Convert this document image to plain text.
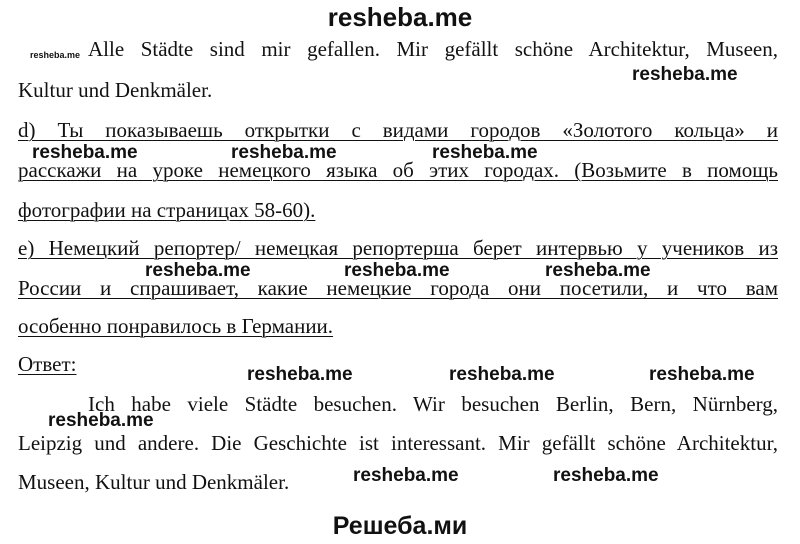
resheba.me
resheba.me Alle Städte sind mir gefallen. Mir gefällt schöne Architektur, Museen,
resheba.me
Kultur und Denkmäler.
d) Ты показываешь открытки с видами городов «Золотого кольца» и
resheba.me	resheba.me	resheba.me
расскажи на уроке немецкого языка об этих городах. (Возьмите в помощь
фотографии на страницах 58-60).
e) Немецкий репортер/ немецкая репортерша берет интервью у учеников из
resheba.me	resheba.me	resheba.me
России и спрашивает, какие немецкие города они посетили, и что вам
особенно понравилось в Германии.
Ответ:	resheba.me	resheba.me	resheba.me
Ich habe viele Städte besuchen. Wir besuchen Berlin, Bern, Nürnberg,
resheba.me
Leipzig und andere. Die Geschichte ist interessant. Mir gefällt schöne Architektur,
Museen, Kultur und Denkmäler.	resheba.me	resheba.me
Решеба.ми
